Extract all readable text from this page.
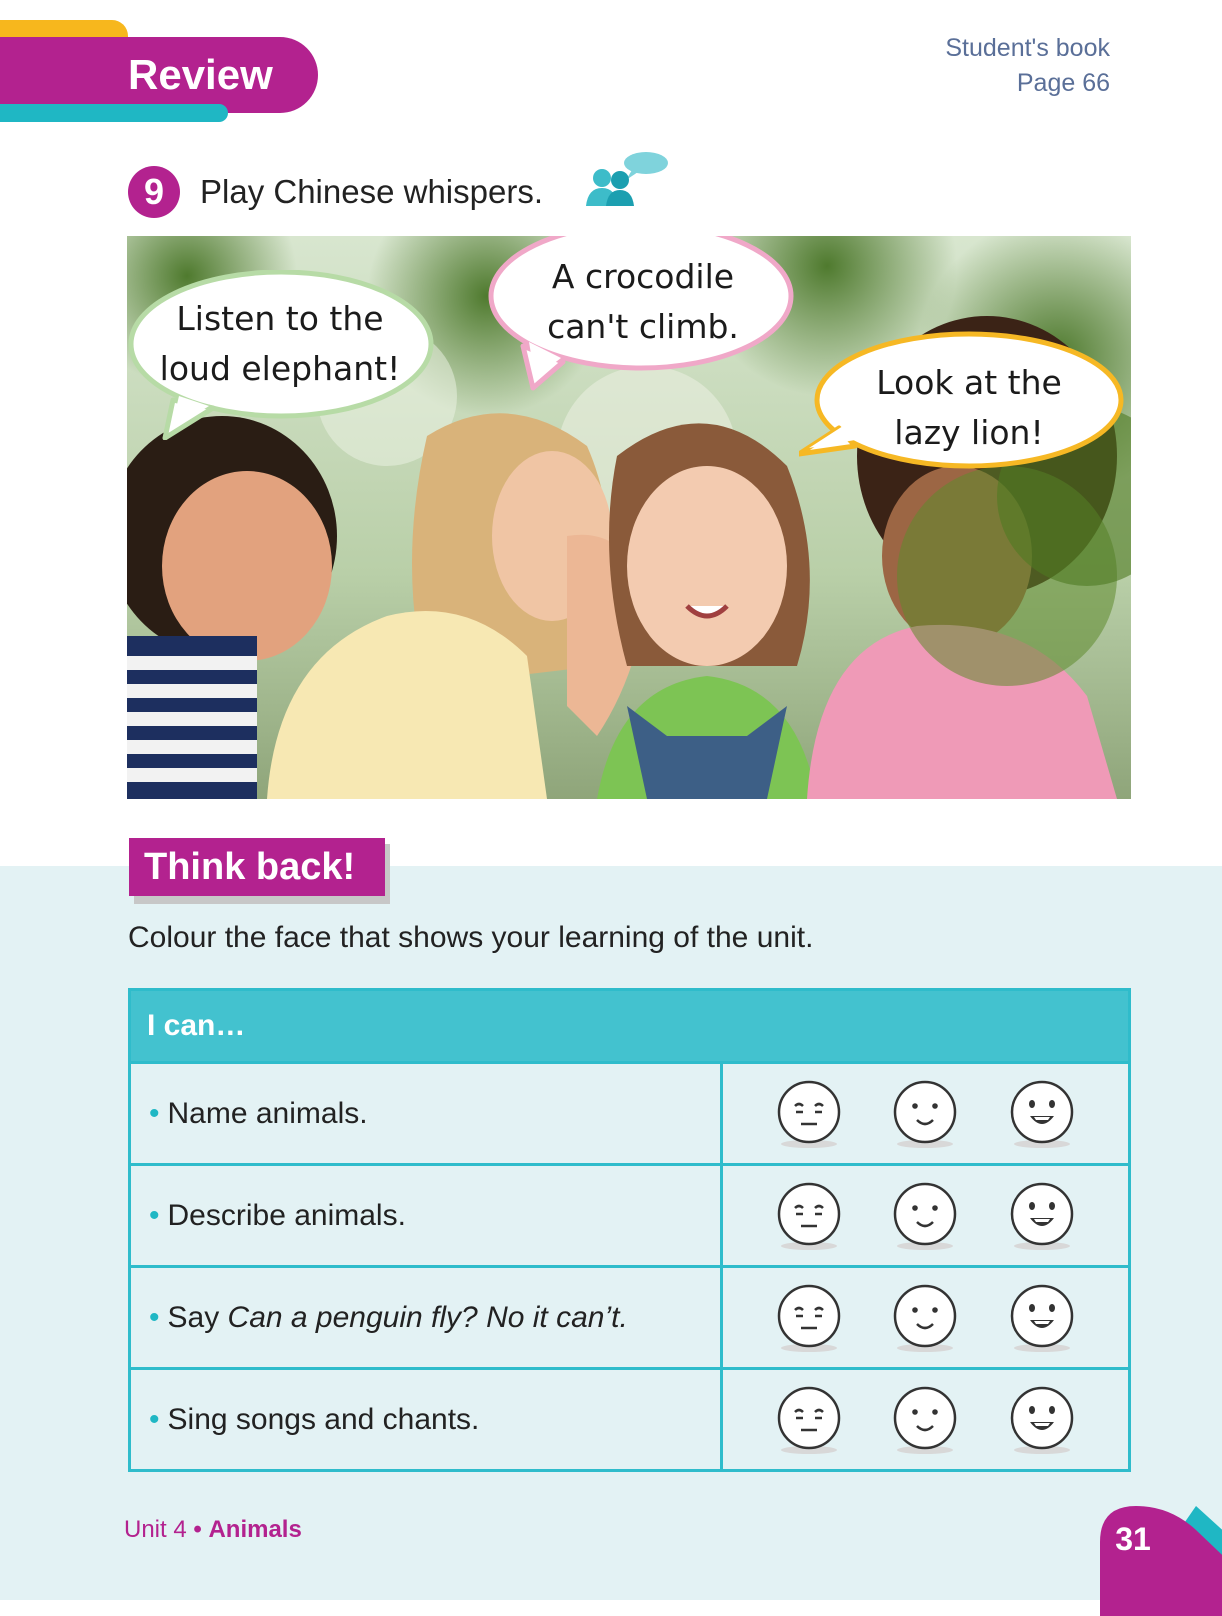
Review
Student's book
Page 66
9	Play Chinese whispers.
Listen to the
loud elephant!
A crocodile
can't climb.
Look at the
lazy lion!
Think back!
Colour the face that shows your learning of the unit.
I can…
• Name animals.
• Describe animals.
• Say Can a penguin fly? No it can’t.
• Sing songs and chants.
Unit 4 • Animals	31
